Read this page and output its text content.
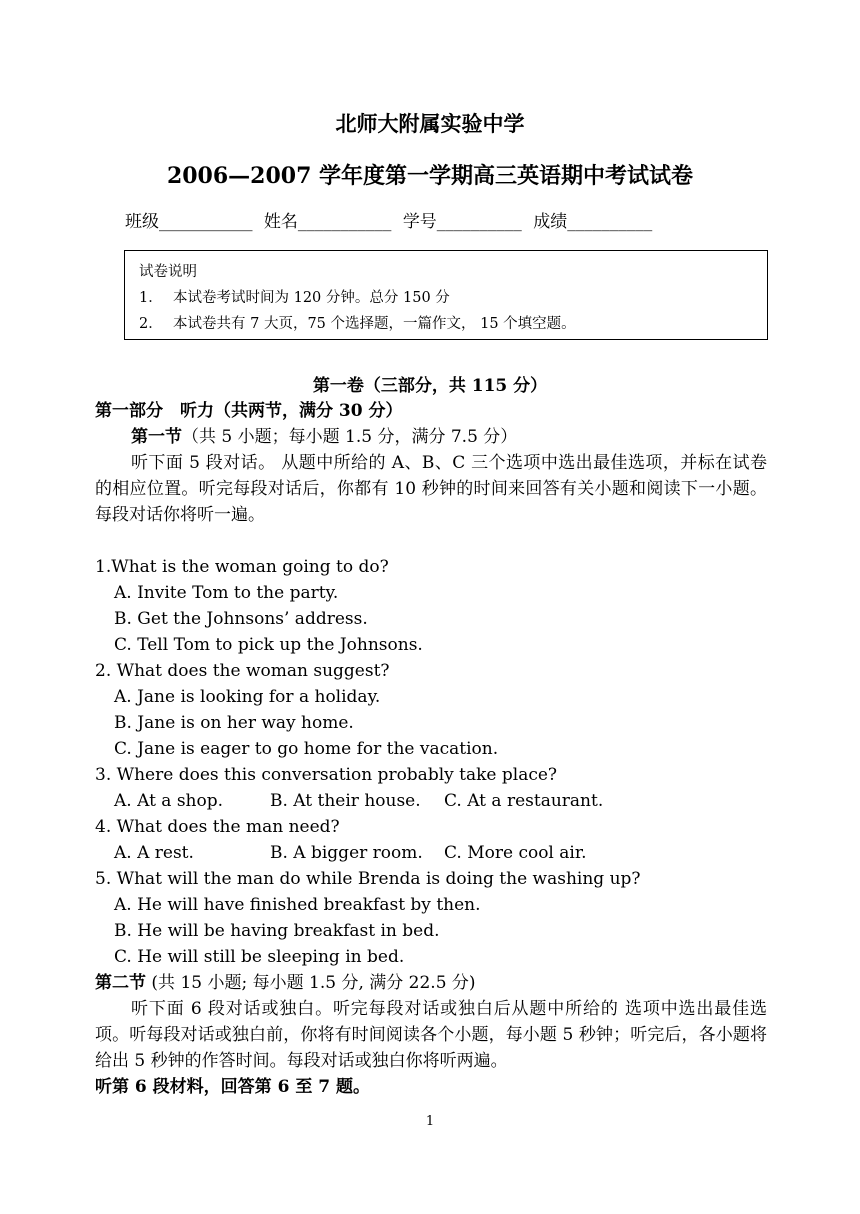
北师大附属实验中学
2006—2007 学年度第一学期高三英语期中考试试卷
班级___________ 姓名___________ 学号__________ 成绩__________
试卷说明
1． 本试卷考试时间为 120 分钟。总分 150 分
2． 本试卷共有 7 大页，75 个选择题，一篇作文， 15 个填空题。
第一卷（三部分，共 115 分）
第一部分　听力（共两节，满分 30 分）
第一节（共 5 小题；每小题 1.5 分，满分 7.5 分）
听下面 5 段对话。 从题中所给的 A、B、C 三个选项中选出最佳选项，并标在试卷的相应位置。听完每段对话后，你都有 10 秒钟的时间来回答有关小题和阅读下一小题。每段对话你将听一遍。
1.What is the woman going to do?
A. Invite Tom to the party.
B. Get the Johnsons’ address.
C. Tell Tom to pick up the Johnsons.
2. What does the woman suggest?
A. Jane is looking for a holiday.
B. Jane is on her way home.
C. Jane is eager to go home for the vacation.
3. Where does this conversation probably take place?
A. At a shop.	B. At their house. C. At a restaurant.
4. What does the man need?
A. A rest.	B. A bigger room. C. More cool air.
5. What will the man do while Brenda is doing the washing up?
A. He will have finished breakfast by then.
B. He will be having breakfast in bed.
C. He will still be sleeping in bed.
第二节 (共 15 小题; 每小题 1.5 分, 满分 22.5 分)
听下面 6 段对话或独白。听完每段对话或独白后从题中所给的 选项中选出最佳选项。听每段对话或独白前，你将有时间阅读各个小题，每小题 5 秒钟；听完后，各小题将给出 5 秒钟的作答时间。每段对话或独白你将听两遍。
听第 6 段材料，回答第 6 至 7 题。
1
